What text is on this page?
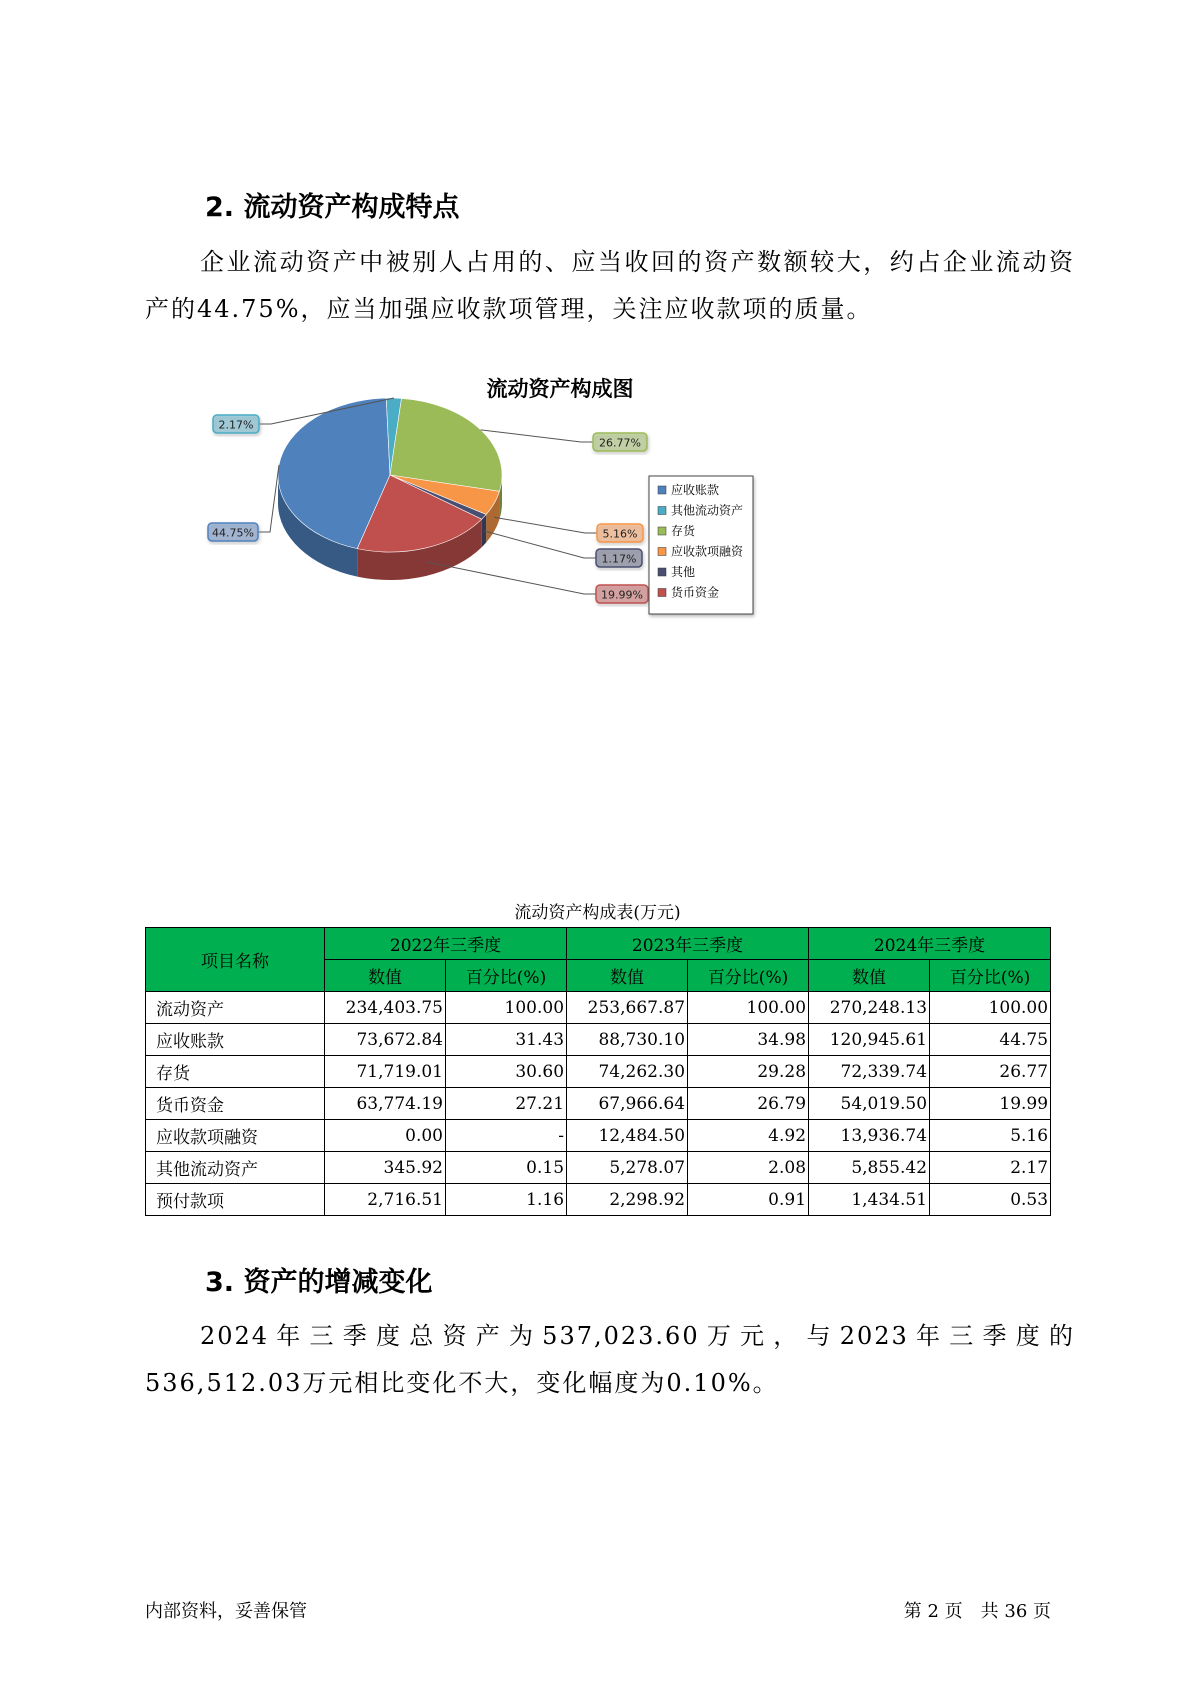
2. 流动资产构成特点

企业流动资产中被别人占用的、应当收回的资产数额较大，约占企业流动资产的44.75%，应当加强应收款项管理，关注应收款项的质量。

流动资产构成图
44.75%
2.17%
26.77%
5.16%
1.17%
19.99%
应收账款
其他流动资产
存货
应收款项融资
其他
货币资金
流动资产构成表(万元)
项目名称	2022年三季度		2023年三季度		2024年三季度	
	数值	百分比(%)	数值	百分比(%)	数值	百分比(%)
流动资产	234,403.75	100.00	253,667.87	100.00	270,248.13	100.00
应收账款	73,672.84	31.43	88,730.10	34.98	120,945.61	44.75
存货	71,719.01	30.60	74,262.30	29.28	72,339.74	26.77
货币资金	63,774.19	27.21	67,966.64	26.79	54,019.50	19.99
应收款项融资	0.00	-	12,484.50	4.92	13,936.74	5.16
其他流动资产	345.92	0.15	5,278.07	2.08	5,855.42	2.17
预付款项	2,716.51	1.16	2,298.92	0.91	1,434.51	0.53
3. 资产的增减变化

2024年三季度总资产为537,023.60万元，与2023年三季度的536,512.03万元相比变化不大，变化幅度为0.10%。

内部资料，妥善保管	第 2 页　共 36 页
